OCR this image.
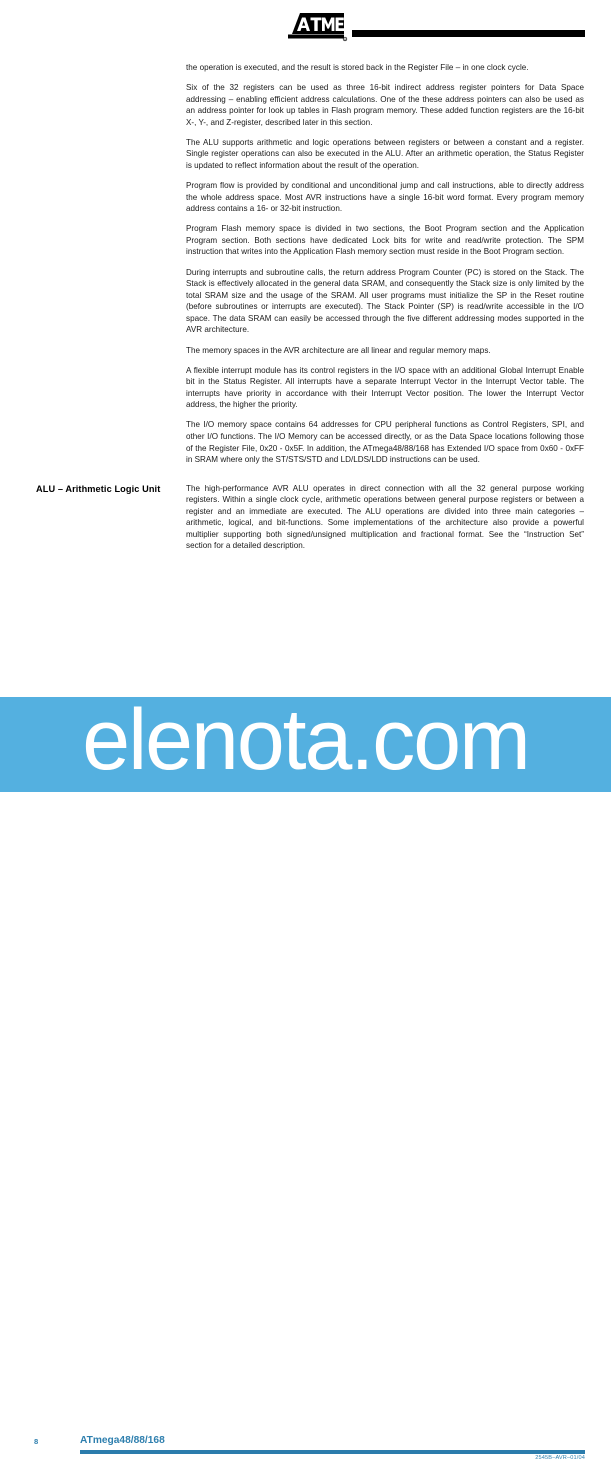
R

the operation is executed, and the result is stored back in the Register File – in one clock cycle.

Six of the 32 registers can be used as three 16-bit indirect address register pointers for Data Space addressing – enabling efficient address calculations. One of the these address pointers can also be used as an address pointer for look up tables in Flash program memory. These added function registers are the 16-bit X-, Y-, and Z-register, described later in this section.

The ALU supports arithmetic and logic operations between registers or between a constant and a register. Single register operations can also be executed in the ALU. After an arithmetic operation, the Status Register is updated to reflect information about the result of the operation.

Program flow is provided by conditional and unconditional jump and call instructions, able to directly address the whole address space. Most AVR instructions have a single 16-bit word format. Every program memory address contains a 16- or 32-bit instruction.

Program Flash memory space is divided in two sections, the Boot Program section and the Application Program section. Both sections have dedicated Lock bits for write and read/write protection. The SPM instruction that writes into the Application Flash memory section must reside in the Boot Program section.

During interrupts and subroutine calls, the return address Program Counter (PC) is stored on the Stack. The Stack is effectively allocated in the general data SRAM, and consequently the Stack size is only limited by the total SRAM size and the usage of the SRAM. All user programs must initialize the SP in the Reset routine (before subroutines or interrupts are executed). The Stack Pointer (SP) is read/write accessible in the I/O space. The data SRAM can easily be accessed through the five different addressing modes supported in the AVR architecture.

The memory spaces in the AVR architecture are all linear and regular memory maps.

A flexible interrupt module has its control registers in the I/O space with an additional Global Interrupt Enable bit in the Status Register. All interrupts have a separate Interrupt Vector in the Interrupt Vector table. The interrupts have priority in accordance with their Interrupt Vector position. The lower the Interrupt Vector address, the higher the priority.

The I/O memory space contains 64 addresses for CPU peripheral functions as Control Registers, SPI, and other I/O functions. The I/O Memory can be accessed directly, or as the Data Space locations following those of the Register File, 0x20 - 0x5F. In addition, the ATmega48/88/168 has Extended I/O space from 0x60 - 0xFF in SRAM where only the ST/STS/STD and LD/LDS/LDD instructions can be used.

ALU – Arithmetic Logic Unit	The high-performance AVR ALU operates in direct connection with all the 32 general purpose working registers. Within a single clock cycle, arithmetic operations between general purpose registers or between a register and an immediate are executed. The ALU operations are divided into three main categories – arithmetic, logical, and bit-functions. Some implementations of the architecture also provide a powerful multiplier supporting both signed/unsigned multiplication and fractional format. See the “Instruction Set” section for a detailed description.

8	ATmega48/88/168
2545B–AVR–01/04
elenota.com
